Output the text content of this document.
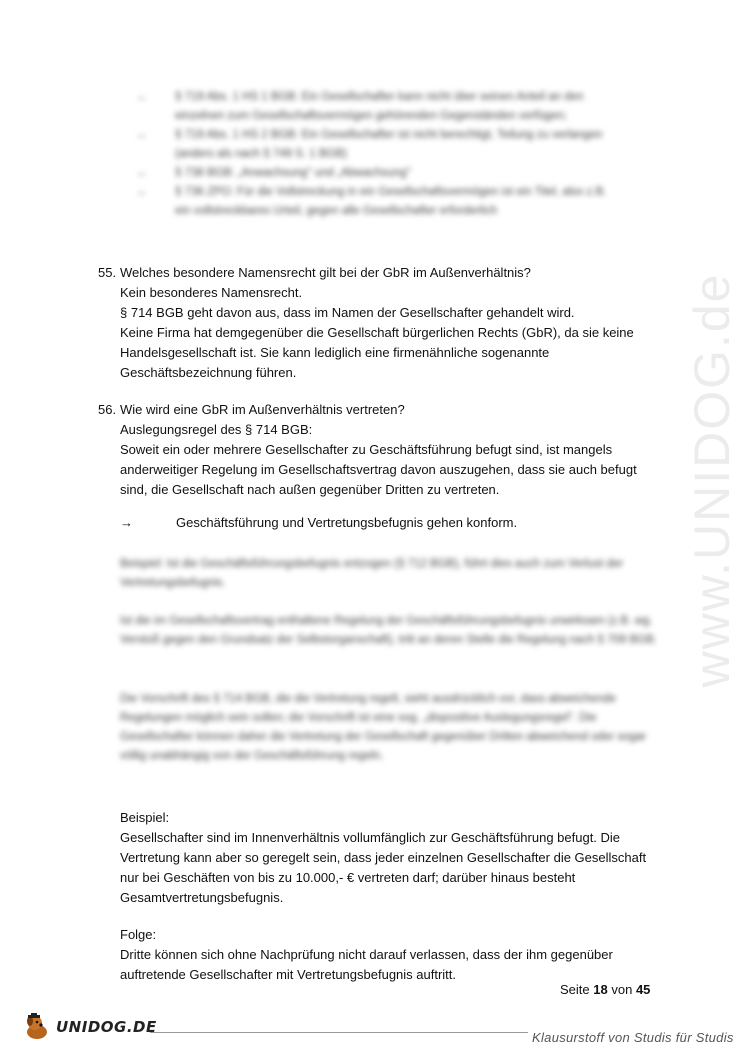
www.UNIDOG.de
→	§ 719 Abs. 1 HS 1 BGB: Ein Gesellschafter kann nicht über seinen Anteil an den einzelnen zum Gesellschaftsvermögen gehörenden Gegenständen verfügen;
→	§ 719 Abs. 1 HS 2 BGB: Ein Gesellschafter ist nicht berechtigt, Teilung zu verlangen (anders als nach § 749 S. 1 BGB)
→	§ 738 BGB: „Anwachsung" und „Abwachsung"
→	§ 736 ZPO: Für die Vollstreckung in ein Gesellschaftsvermögen ist ein Titel, also z.B. ein vollstreckbares Urteil, gegen alle Gesellschafter erforderlich
55. Welches besondere Namensrecht gilt bei der GbR im Außenverhältnis?
Kein besonderes Namensrecht.
§ 714 BGB geht davon aus, dass im Namen der Gesellschafter gehandelt wird.
Keine Firma hat demgegenüber die Gesellschaft bürgerlichen Rechts (GbR), da sie keine Handelsgesellschaft ist. Sie kann lediglich eine firmenähnliche sogenannte Geschäftsbezeichnung führen.
56. Wie wird eine GbR im Außenverhältnis vertreten?
Auslegungsregel des § 714 BGB:
Soweit ein oder mehrere Gesellschafter zu Geschäftsführung befugt sind, ist mangels anderweitiger Regelung im Gesellschaftsvertrag davon auszugehen, dass sie auch befugt sind, die Gesellschaft nach außen gegenüber Dritten zu vertreten.
→	Geschäftsführung und Vertretungsbefugnis gehen konform.
Beispiel: Ist die Geschäftsführungsbefugnis entzogen (§ 712 BGB), führt dies auch zum Verlust der Vertretungsbefugnis.
Ist die im Gesellschaftsvertrag enthaltene Regelung der Geschäftsführungsbefugnis unwirksam (z.B. wg. Verstoß gegen den Grundsatz der Selbstorganschaft), tritt an deren Stelle die Regelung nach § 709 BGB.
Die Vorschrift des § 714 BGB, die die Vertretung regelt, sieht ausdrücklich vor, dass abweichende Regelungen möglich sein sollen; die Vorschrift ist eine sog. „dispositive Auslegungsregel". Die Gesellschafter können daher die Vertretung der Gesellschaft gegenüber Dritten abweichend oder sogar völlig unabhängig von der Geschäftsführung regeln.
Beispiel:
Gesellschafter sind im Innenverhältnis vollumfänglich zur Geschäftsführung befugt. Die Vertretung kann aber so geregelt sein, dass jeder einzelnen Gesellschafter die Gesellschaft nur bei Geschäften von bis zu 10.000,- € vertreten darf; darüber hinaus besteht Gesamtvertretungsbefugnis.
Folge:
Dritte können sich ohne Nachprüfung nicht darauf verlassen, dass der ihm gegenüber auftretende Gesellschafter mit Vertretungsbefugnis auftritt.
Seite 18 von 45
UNIDOG.DE
Klausurstoff von Studis für Studis
